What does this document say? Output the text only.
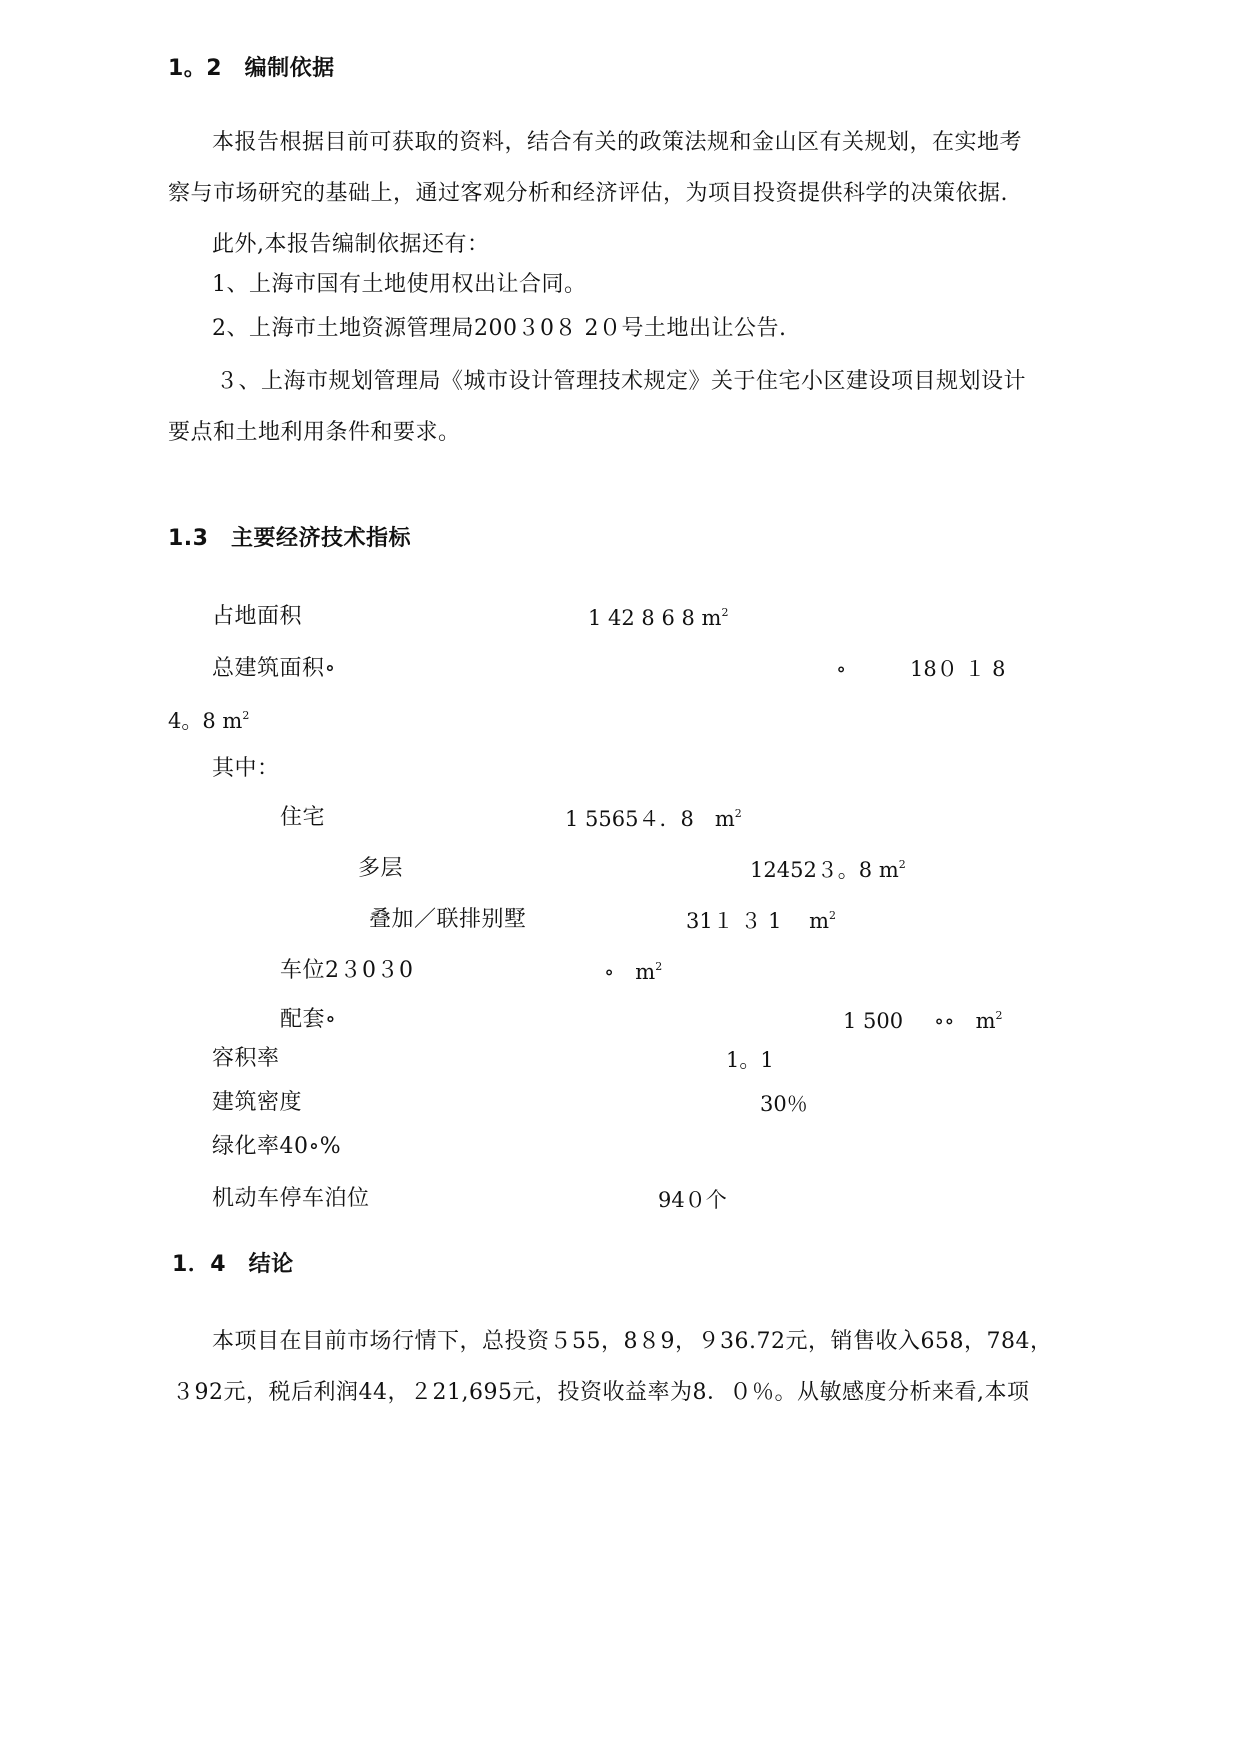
1。2　编制依据
本报告根据目前可获取的资料，结合有关的政策法规和金山区有关规划，在实地考
察与市场研究的基础上，通过客观分析和经济评估，为项目投资提供科学的决策依据.
此外,本报告编制依据还有：
1、上海市国有土地使用权出让合同。
2、上海市土地资源管理局200３0８ 2０号土地出让公告.
３、上海市规划管理局《城市设计管理技术规定》关于住宅小区建设项目规划设计
要点和土地利用条件和要求。
1.3　主要经济技术指标
占地面积	1 42 8 6 8 $m^2$
总建筑面积∘	∘	18０ １ 8
4。8 $m^2$
其中：
住宅	1 5565４．8　$m^2$
多层	12452３。8 $m^2$
叠加／联排别墅	31１ ３ 1　 $m^2$
车位2３0３0	∘　$m^2$
配套∘	1 500 ∘∘　$m^2$
容积率	1。1
建筑密度	30％
绿化率40∘%
机动车停车泊位	94０个
1．4　结论
本项目在目前市场行情下，总投资５55，8８9，９36.72元，销售收入658，784，
３92元，税后利润44，２21,695元，投资收益率为8．０％。从敏感度分析来看,本项
